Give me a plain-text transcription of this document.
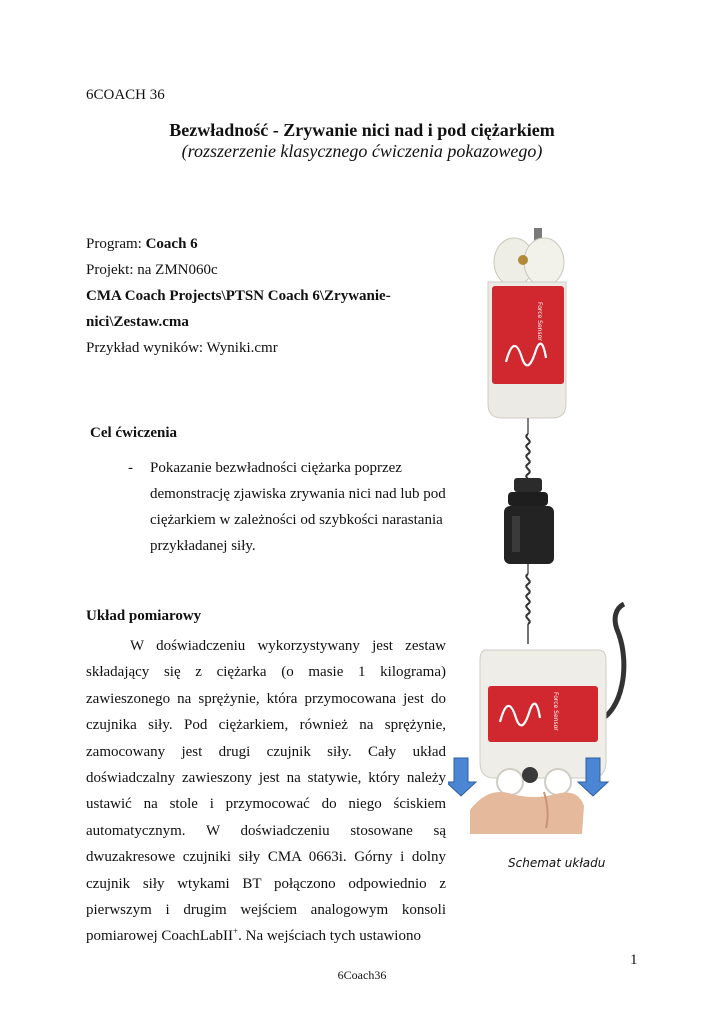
6COACH 36
Bezwładność - Zrywanie nici nad i pod ciężarkiem
(rozszerzenie klasycznego ćwiczenia pokazowego)
Program: Coach 6
Projekt: na ZMN060c
CMA Coach Projects\PTSN Coach 6\Zrywanie-
nici\Zestaw.cma
Przykład wyników: Wyniki.cmr
Cel ćwiczenia
- Pokazanie bezwładności ciężarka poprzez demonstrację zjawiska zrywania nici nad lub pod ciężarkiem w zależności od szybkości narastania przykładanej siły.
Układ pomiarowy
W doświadczeniu wykorzystywany jest zestaw składający się z ciężarka (o masie 1 kilograma) zawieszonego na sprężynie, która przymocowana jest do czujnika siły. Pod ciężarkiem, również na sprężynie, zamocowany jest drugi czujnik siły. Cały układ doświadczalny zawieszony jest na statywie, który należy ustawić na stole i przymocować do niego ściskiem automatycznym. W doświadczeniu stosowane są dwuzakresowe czujniki siły CMA 0663i. Górny i dolny czujnik siły wtykami BT połączono odpowiednio z pierwszym i drugim wejściem analogowym konsoli pomiarowej CoachLabII+. Na wejściach tych ustawiono
Force Sensor
Force Sensor
Schemat układu
1
6Coach36
